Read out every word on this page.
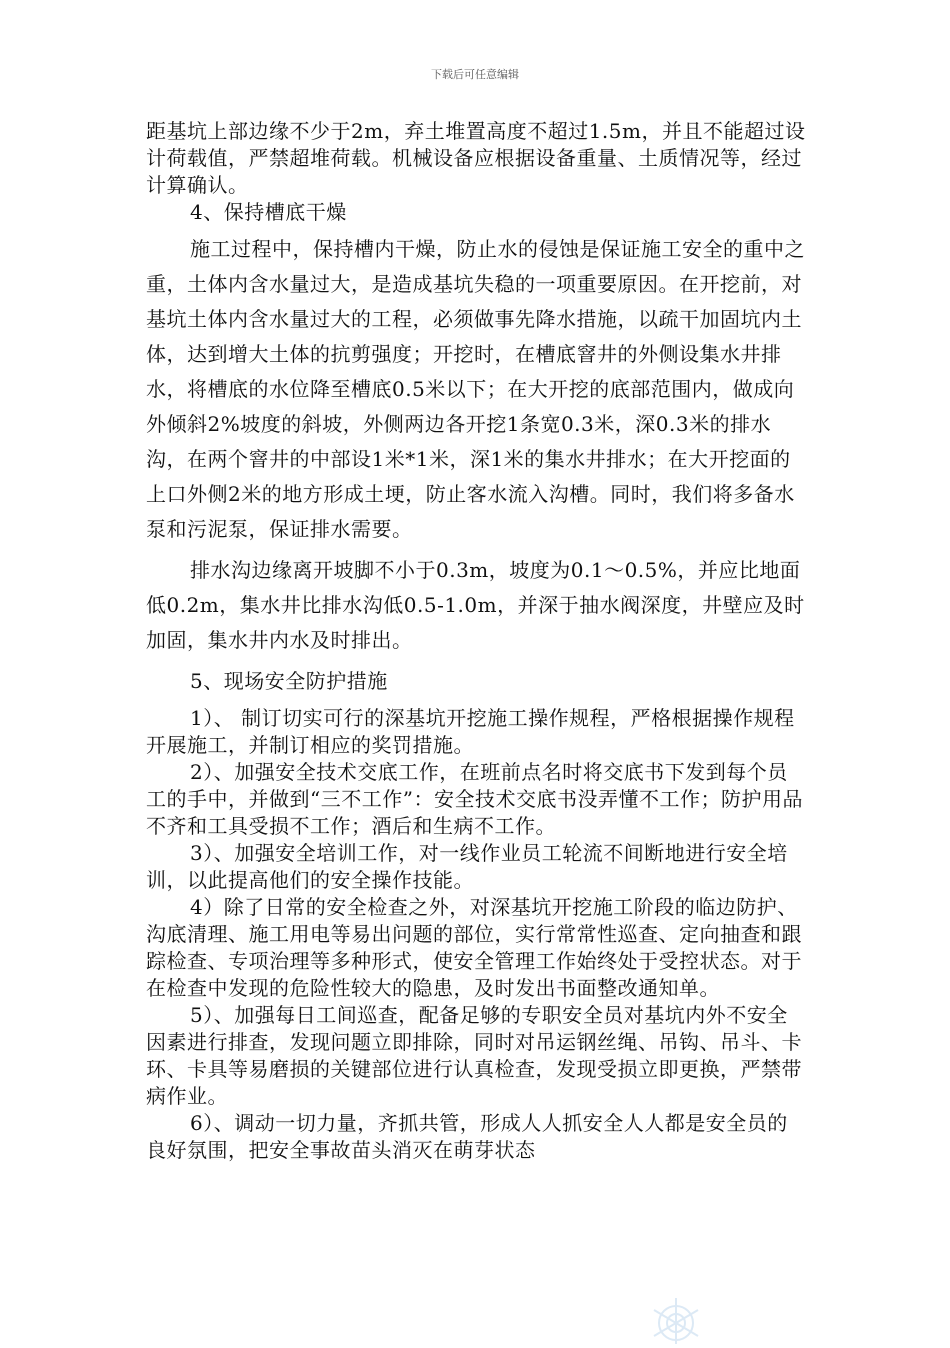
下载后可任意编辑

距基坑上部边缘不少于2m，弃土堆置高度不超过1.5m，并且不能超过设计荷载值，严禁超堆荷载。机械设备应根据设备重量、土质情况等，经过计算确认。

4、保持槽底干燥

施工过程中，保持槽内干燥，防止水的侵蚀是保证施工安全的重中之重，土体内含水量过大，是造成基坑失稳的一项重要原因。在开挖前，对基坑土体内含水量过大的工程，必须做事先降水措施，以疏干加固坑内土体，达到增大土体的抗剪强度；开挖时，在槽底窨井的外侧设集水井排水，将槽底的水位降至槽底0.5米以下；在大开挖的底部范围内，做成向外倾斜2%坡度的斜坡，外侧两边各开挖1条宽0.3米，深0.3米的排水沟，在两个窨井的中部设1米*1米，深1米的集水井排水；在大开挖面的上口外侧2米的地方形成土埂，防止客水流入沟槽。同时，我们将多备水泵和污泥泵，保证排水需要。

排水沟边缘离开坡脚不小于0.3m，坡度为0.1～0.5%，并应比地面低0.2m，集水井比排水沟低0.5-1.0m，并深于抽水阀深度，井壁应及时加固，集水井内水及时排出。

5、现场安全防护措施

1）、 制订切实可行的深基坑开挖施工操作规程，严格根据操作规程开展施工，并制订相应的奖罚措施。

2）、加强安全技术交底工作，在班前点名时将交底书下发到每个员工的手中，并做到“三不工作”：安全技术交底书没弄懂不工作；防护用品不齐和工具受损不工作；酒后和生病不工作。

3）、加强安全培训工作，对一线作业员工轮流不间断地进行安全培训，以此提高他们的安全操作技能。

4）除了日常的安全检查之外，对深基坑开挖施工阶段的临边防护、沟底清理、施工用电等易出问题的部位，实行常常性巡查、定向抽查和跟踪检查、专项治理等多种形式，使安全管理工作始终处于受控状态。对于在检查中发现的危险性较大的隐患，及时发出书面整改通知单。

5）、加强每日工间巡查，配备足够的专职安全员对基坑内外不安全因素进行排查，发现问题立即排除，同时对吊运钢丝绳、吊钩、吊斗、卡环、卡具等易磨损的关键部位进行认真检查，发现受损立即更换，严禁带病作业。

6）、调动一切力量，齐抓共管，形成人人抓安全人人都是安全员的良好氛围，把安全事故苗头消灭在萌芽状态
